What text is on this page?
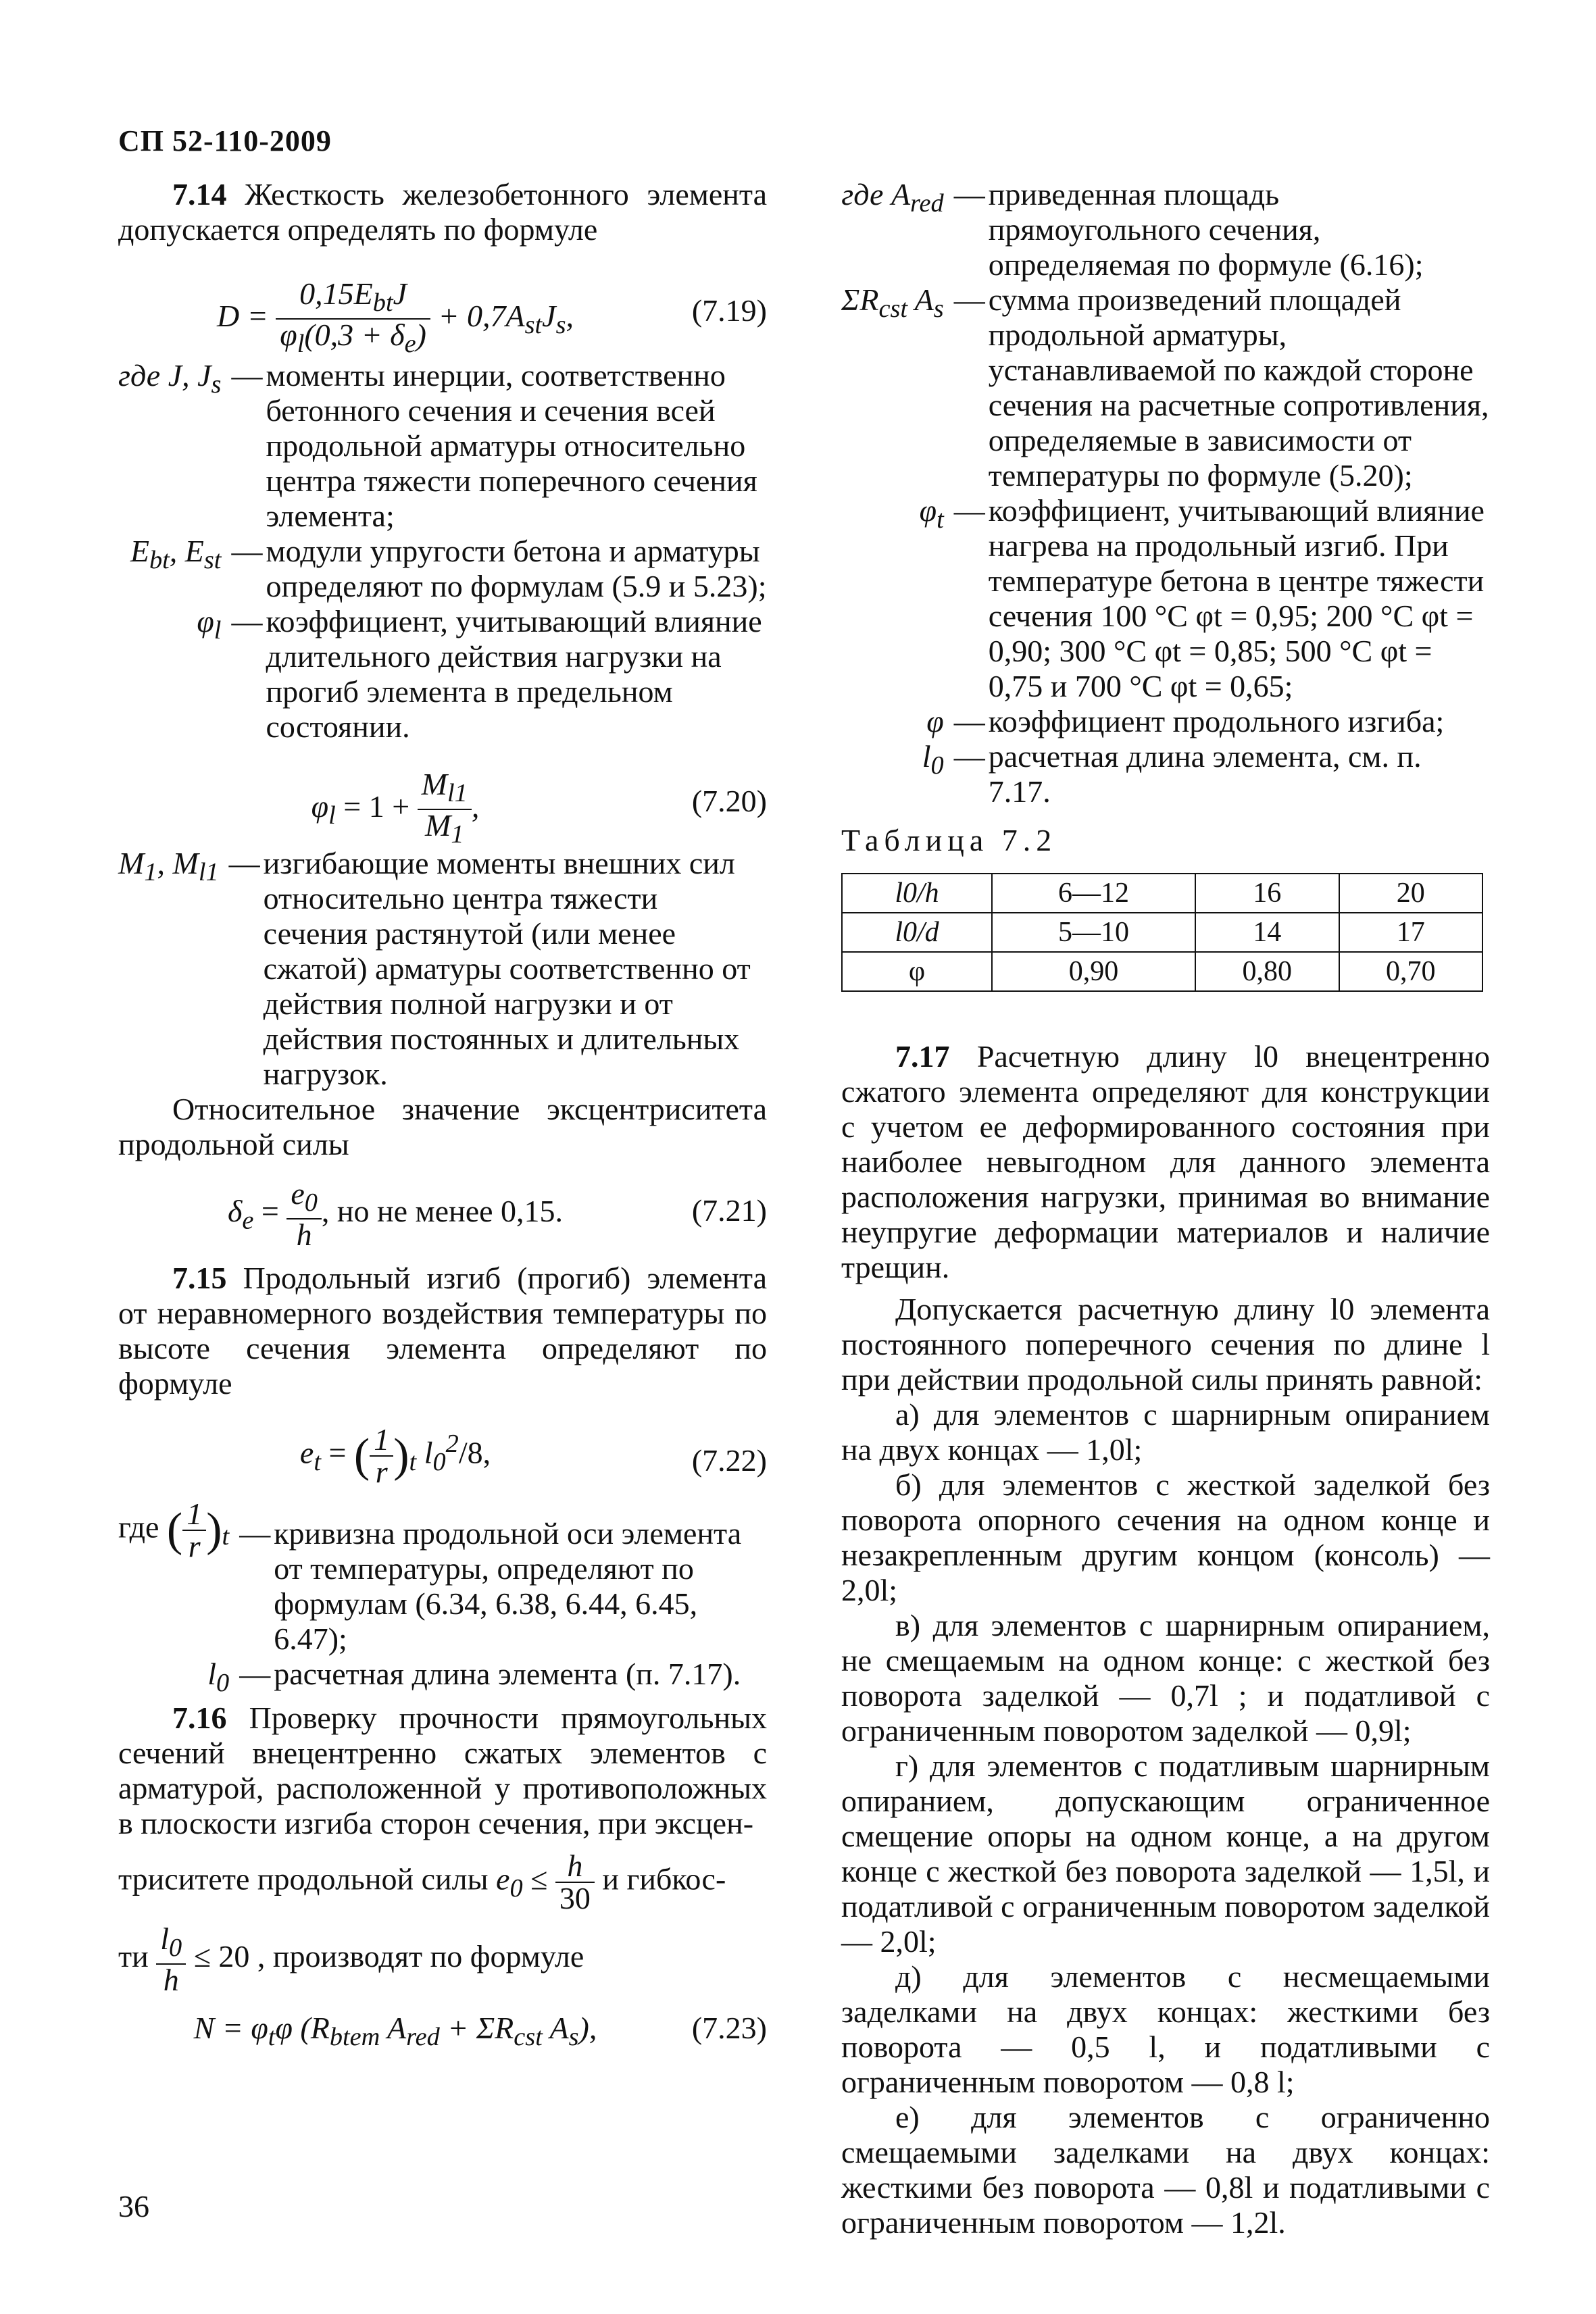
СП 52-110-2009

7.14 Жесткость железобетонного элемента допускается определять по формуле

$D = \frac{0,15E_{bt}J}{\varphi_l(0,3 + \delta_e)} + 0,7A_{st}J_s$,	(7.19)
где J, $J_s$ — моменты инерции, соответственно бетонного сечения и сечения всей продольной арматуры относительно центра тяжести поперечного сечения элемента;
$E_{bt}$, $E_{st}$ — модули упругости бетона и арматуры определяют по формулам (5.9 и 5.23);
$\varphi_l$ — коэффициент, учитывающий влияние длительного действия нагрузки на прогиб элемента в предельном состоянии.
$\varphi_l = 1 + \frac{M_{l1}}{M_1}$ ,	(7.20)
$M_1$, $M_{l1}$ — изгибающие моменты внешних сил относительно центра тяжести сечения растянутой (или менее сжатой) арматуры соответственно от действия полной нагрузки и от действия постоянных и длительных нагрузок.

Относительное значение эксцентриситета продольной силы

$\delta_e = \frac{e_0}{h}$ , но не менее 0,15.	(7.21)

7.15 Продольный изгиб (прогиб) элемента от неравномерного воздействия температуры по высоте сечения элемента определяют по формуле

$e_t$ = ( $\frac{1}{r} )_t$ $l_0^2/8$,	(7.22)
где ( $\frac{1}{r} )_t$ — кривизна продольной оси элемента от температуры, определяют по формулам (6.34, 6.38, 6.44, 6.45, 6.47);
$l_0$ — расчетная длина элемента (п. 7.17).

7.16 Проверку прочности прямоугольных сечений внецентренно сжатых элементов с арматурой, расположенной у противоположных в плоскости изгиба сторон сечения, при эксцен-

триситете продольной силы $e_0 \le \frac{h}{30}$ и гибкос-

ти $\frac{l_0}{h} \le 20$ , производят по формуле

$N = \varphi_t\varphi$ ($R_{btem}$ $A_{red} + \Sigma R_{cst}$ $A_s$),	(7.23)
где $A_{red}$ — приведенная площадь прямоугольного сечения, определяемая по формуле (6.16);
$\Sigma R_{cst}$ $A_s$ — сумма произведений площадей продольной арматуры, устанавливаемой по каждой стороне сечения на расчетные сопротивления, определяемые в зависимости от температуры по формуле (5.20);
$\varphi_t$ — коэффициент, учитывающий влияние нагрева на продольный изгиб. При температуре бетона в центре тяжести сечения 100 °С φt = 0,95; 200 °С φt = 0,90; 300 °С φt = 0,85; 500 °С φt = 0,75 и 700 °С φt = 0,65;
φ — коэффициент продольного изгиба;
$l_0$ — расчетная длина элемента, см. п. 7.17.
Таблица 7.2
l0/h	6—12	16	20
l0/d	5—10	14	17
φ	0,90	0,80	0,70

7.17 Расчетную длину l0 внецентренно сжатого элемента определяют для конструкции с учетом ее деформированного состояния при наиболее невыгодном для данного элемента расположения нагрузки, принимая во внимание неупругие деформации материалов и наличие трещин.

Допускается расчетную длину l0 элемента постоянного поперечного сечения по длине l при действии продольной силы принять равной:

а) для элементов с шарнирным опиранием на двух концах — 1,0l;

б) для элементов с жесткой заделкой без поворота опорного сечения на одном конце и незакрепленным другим концом (консоль) — 2,0l;

в) для элементов с шарнирным опиранием, не смещаемым на одном конце: с жесткой без поворота заделкой — 0,7l ; и податливой с ограниченным поворотом заделкой — 0,9l;

г) для элементов с податливым шарнирным опиранием, допускающим ограниченное смещение опоры на одном конце, а на другом конце с жесткой без поворота заделкой — 1,5l, и податливой с ограниченным поворотом заделкой — 2,0l;

д) для элементов с несмещаемыми заделками на двух концах: жесткими без поворота — 0,5 l, и податливыми с ограниченным поворотом — 0,8 l;

е) для элементов с ограниченно смещаемыми заделками на двух концах: жесткими без поворота — 0,8l и податливыми с ограниченным поворотом — 1,2l.

36
